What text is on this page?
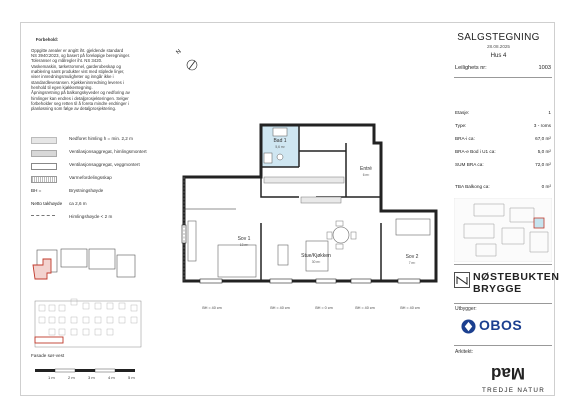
Forbehold:

Oppgitte arealer er angitt iht. gjeldende standard
NS 3940:2023, og basert på foreløpige beregninger.
Toleranser og målregler iht. NS 3420.
Vaskemaskin, tørketrommel, garderobeskap og
møblering samt produkter vist med stiplede linjer,
viser innredningsmuligheter og inngår ikke i
standardleveransen. Kjøkkeninnredning leveres i
henhold til egen kjøkkentegning.
Åpningsretning på balkongskyveder og nedforing av
himlinger kan endres i detaljprosjekteringen. Selger
forbeholder seg retten til å foreta mindre endringer i
planløsning som følge av detaljprosjektering.

N
Nedforet himling h = min. 2,2 m
Ventilasjonsaggregat, himlingsmontert
Ventilasjonsaggregat, veggmontert
Varmefordelingsskap
BH =	Brystningshøyde
Netto takhøyde ca 2,6 m
Himlingshøyde < 2 m
Fasade sør-vest
1 m	2 m	3 m	4 m	5 m
Bad 1
5,6 m²
Entré
6 m²
Sov 1
13 m²
Stue/Kjøkken
30 m²
Sov 2
7 m²
BH = 40 cm	BH = 40 cm	BH = 0 cm	BH = 40 cm	BH = 40 cm
SALGSTEGNING
28.08.2025
Hus 4
Leilighets nr:	1003
Etasje:	1
Type:	3 - roms
BRA-i ca:	67,0 m²
BRA-e Bod i U1 ca:	5,0 m²
SUM BRA ca:	72,0 m²
TBA Balkong ca:	0 m²
NØSTEBUKTEN
BRYGGE
Utbygger:
OBOS
Arkitekt:
Mad
TREDJE NATUR
